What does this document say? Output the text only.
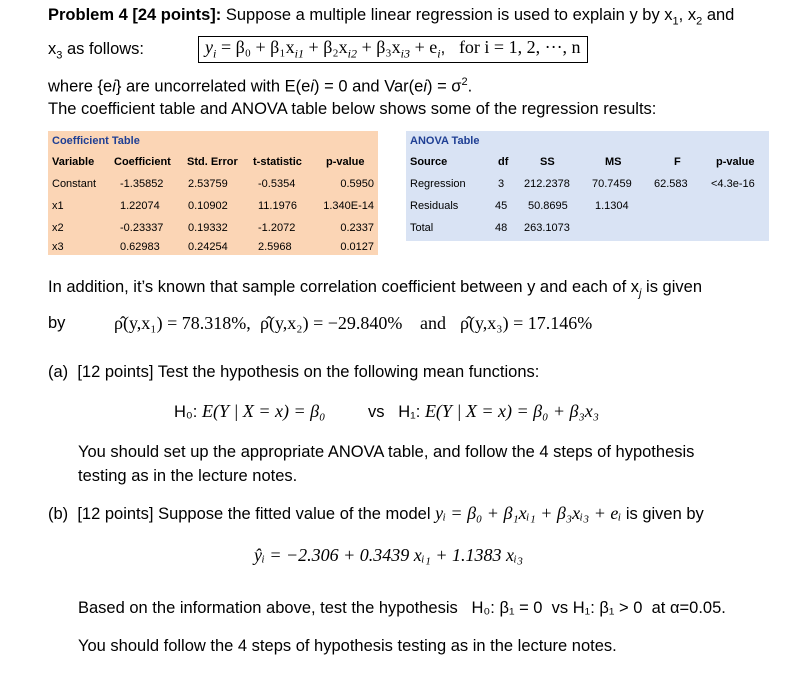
Problem 4 [24 points]: Suppose a multiple linear regression is used to explain y by $x_1$, $x_2$ and
$x_3$ as follows:	$y_i = \beta_0 + \beta_1x_{i1} + \beta_2x_{i2} + \beta_3x_{i3} + e_i$,   for i = 1, 2, ···, n
where {ei} are uncorrelated with E(ei) = 0 and $Var(ei) = \sigma^2$.
The coefficient table and ANOVA table below shows some of the regression results:
Coefficient Table
Variable Coefficient Std. Error t-statistic p-value
Constant -1.35852 2.53759	-0.5354	0.5950
x1	1.22074	0.10902	11.1976 1.340E-14
x2	-0.23337 0.19332	-1.2072	0.2337
x3	0.62983	0.24254	2.5968	0.0127
ANOVA Table
Source	df	SS	MS	F	p-value
Regression	3 212.2378 70.7459 62.583 <4.3e-16
Residuals	45 50.8695 1.1304
Total	48 263.1073
In addition, it’s known that sample correlation coefficient between y and each of $x_j$ is given
by	ρ̂(y,x₁) = 78.318%, ρ̂(y,x₂) = −29.840% and ρ̂(y,x₃) = 17.146%
(a) [12 points] Test the hypothesis on the following mean functions:
H₀: E(Y | X = x) = β₀	vs H₁: E(Y | X = x) = β₀ + β₃x₃
You should set up the appropriate ANOVA table, and follow the 4 steps of hypothesis
testing as in the lecture notes.
(b) [12 points] Suppose the fitted value of the model yᵢ = β₀ + β₁xᵢ₁ + β₃xᵢ₃ + eᵢ is given by
ŷᵢ = −2.306 + 0.3439 xᵢ₁ + 1.1383 xᵢ₃
Based on the information above, test the hypothesis H₀: β₁ = 0 vs H₁: β₁ > 0 at α=0.05.
You should follow the 4 steps of hypothesis testing as in the lecture notes.
